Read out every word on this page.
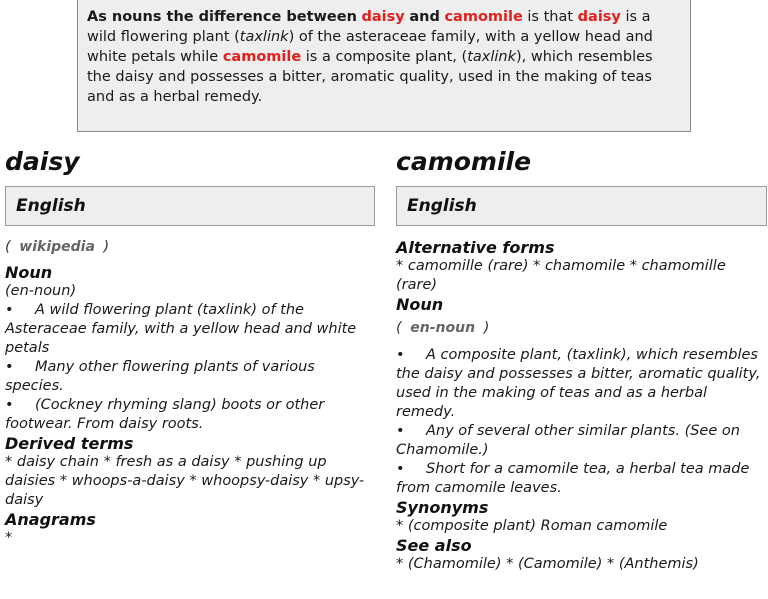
As nouns the difference between daisy and camomile is that daisy is a wild flowering plant (taxlink) of the asteraceae family, with a yellow head and white petals while camomile is a composite plant, (taxlink), which resembles the daisy and possesses a bitter, aromatic quality, used in the making of teas and as a herbal remedy.
daisy
English
( wikipedia )
Noun
(en-noun)
• A wild flowering plant (taxlink) of the Asteraceae family, with a yellow head and white petals
• Many other flowering plants of various species.
• (Cockney rhyming slang) boots or other footwear. From daisy roots.
Derived terms
* daisy chain * fresh as a daisy * pushing up daisies * whoops-a-daisy * whoopsy-daisy * upsy-daisy
Anagrams
*
camomile
English
Alternative forms
* camomille (rare) * chamomile * chamomille (rare)
Noun
( en-noun )
• A composite plant, (taxlink), which resembles the daisy and possesses a bitter, aromatic quality, used in the making of teas and as a herbal remedy.
• Any of several other similar plants. (See on Chamomile.)
• Short for a camomile tea, a herbal tea made from camomile leaves.
Synonyms
* (composite plant) Roman camomile
See also
* (Chamomile) * (Camomile) * (Anthemis)
